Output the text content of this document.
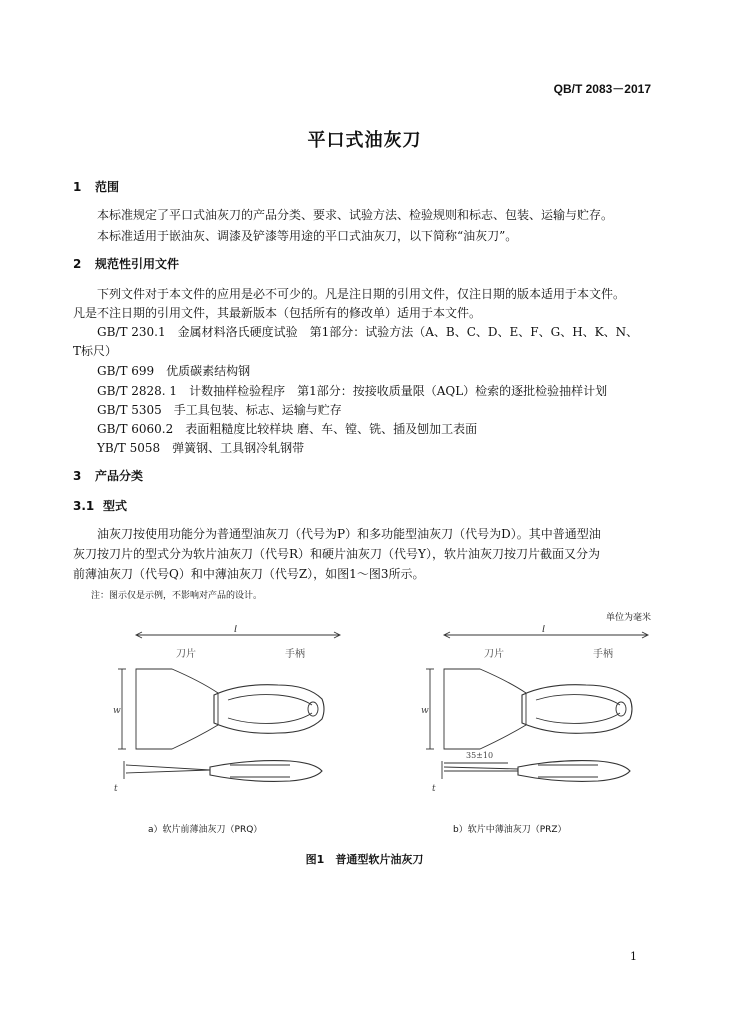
QB/T 2083－2017
平口式油灰刀
1 范围
本标准规定了平口式油灰刀的产品分类、要求、试验方法、检验规则和标志、包装、运输与贮存。
本标准适用于嵌油灰、调漆及铲漆等用途的平口式油灰刀，以下简称“油灰刀”。
2 规范性引用文件
下列文件对于本文件的应用是必不可少的。凡是注日期的引用文件，仅注日期的版本适用于本文件。
凡是不注日期的引用文件，其最新版本（包括所有的修改单）适用于本文件。
GB/T 230.1　金属材料洛氏硬度试验　第1部分：试验方法（A、B、C、D、E、F、G、H、K、N、
T标尺）
GB/T 699　优质碳素结构钢
GB/T 2828. 1　计数抽样检验程序　第1部分：按接收质量限（AQL）检索的逐批检验抽样计划
GB/T 5305　手工具包装、标志、运输与贮存
GB/T 6060.2　表面粗糙度比较样块 磨、车、镗、铣、插及刨加工表面
YB/T 5058　弹簧钢、工具钢冷轧钢带
3 产品分类
3.1 型式
油灰刀按使用功能分为普通型油灰刀（代号为P）和多功能型油灰刀（代号为D）。其中普通型油
灰刀按刀片的型式分为软片油灰刀（代号R）和硬片油灰刀（代号Y），软片油灰刀按刀片截面又分为
前薄油灰刀（代号Q）和中薄油灰刀（代号Z），如图1～图3所示。
注：图示仅是示例，不影响对产品的设计。
单位为毫米
l
刀片	手柄
w
t
l
刀片	手柄
w
35±10
t
a）软片前薄油灰刀（PRQ）	b）软片中薄油灰刀（PRZ）
图1　普通型软片油灰刀
1
